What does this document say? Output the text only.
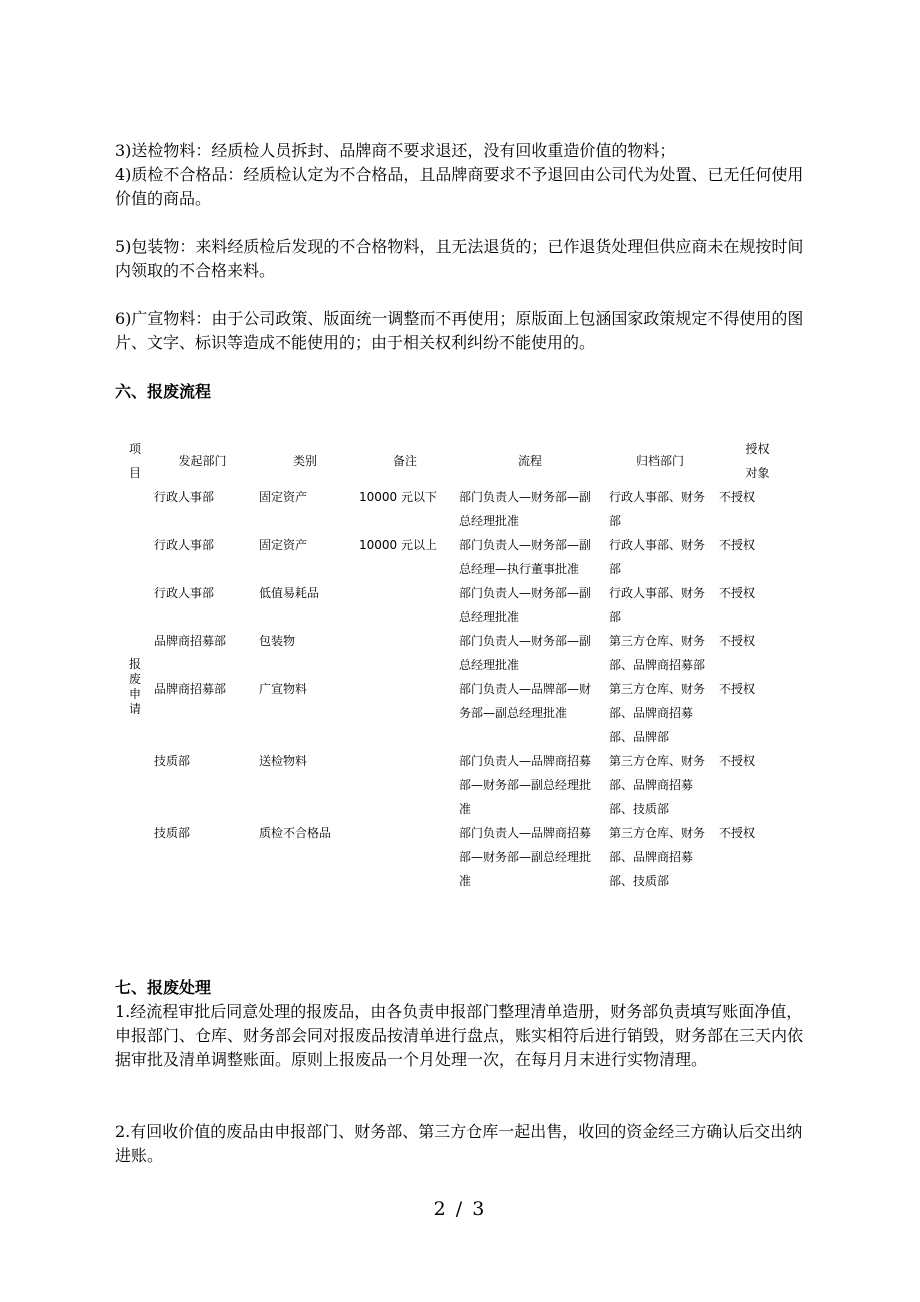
3)送检物料：经质检人员拆封、品牌商不要求退还，没有回收重造价值的物料；

4)质检不合格品：经质检认定为不合格品，且品牌商要求不予退回由公司代为处置、已无任何使用价值的商品。

5)包装物：来料经质检后发现的不合格物料，且无法退货的；已作退货处理但供应商未在规按时间内领取的不合格来料。

6)广宣物料：由于公司政策、版面统一调整而不再使用；原版面上包涵国家政策规定不得使用的图片、文字、标识等造成不能使用的；由于相关权利纠纷不能使用的。

六、报废流程
项目	发起部门	类别	备注	流程	归档部门	授权对象
报废申请	行政人事部	固定资产	10000 元以下	部门负责人—财务部—副总经理批准	行政人事部、财务部	不授权
	行政人事部	固定资产	10000 元以上	部门负责人—财务部—副总经理—执行董事批准	行政人事部、财务部	不授权
	行政人事部	低值易耗品		部门负责人—财务部—副总经理批准	行政人事部、财务部	不授权
	品牌商招募部	包装物		部门负责人—财务部—副总经理批准	第三方仓库、财务部、品牌商招募部	不授权
	品牌商招募部	广宣物料		部门负责人—品牌部—财务部—副总经理批准	第三方仓库、财务部、品牌商招募部、品牌部	不授权
	技质部	送检物料		部门负责人—品牌商招募部—财务部—副总经理批准	第三方仓库、财务部、品牌商招募部、技质部	不授权
	技质部	质检不合格品		部门负责人—品牌商招募部—财务部—副总经理批准	第三方仓库、财务部、品牌商招募部、技质部	不授权
七、报废处理

1.经流程审批后同意处理的报废品，由各负责申报部门整理清单造册，财务部负责填写账面净值，申报部门、仓库、财务部会同对报废品按清单进行盘点，账实相符后进行销毁，财务部在三天内依据审批及清单调整账面。原则上报废品一个月处理一次，在每月月末进行实物清理。

2.有回收价值的废品由申报部门、财务部、第三方仓库一起出售，收回的资金经三方确认后交出纳进账。

2 / 3
